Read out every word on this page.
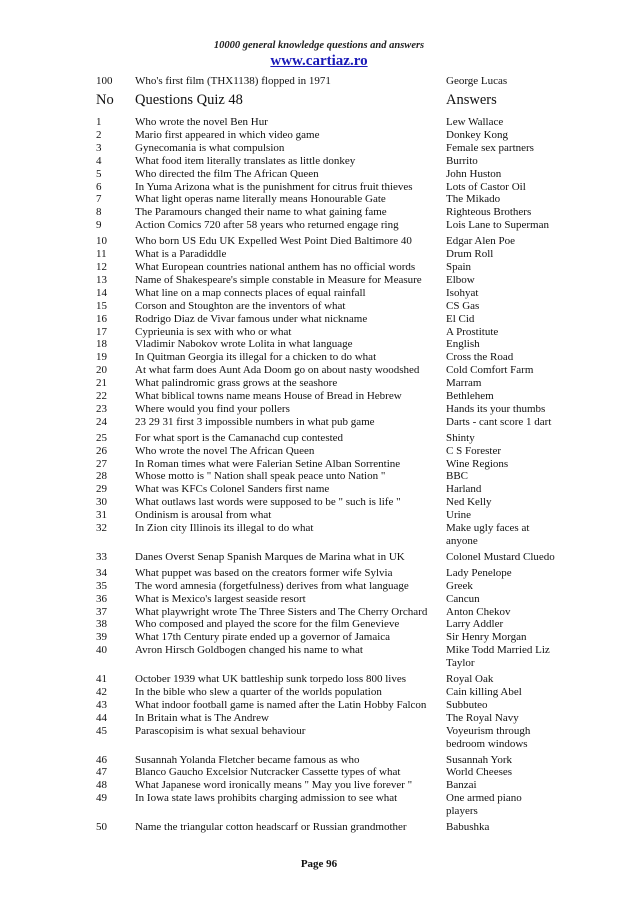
10000 general knowledge questions and answers
www.cartiaz.ro
100	Who's first film (THX1138) flopped in 1971	George Lucas
No	Questions Quiz 48	Answers
1	Who wrote the novel Ben Hur	Lew Wallace
2	Mario first appeared in which video game	Donkey Kong
3	Gynecomania is what compulsion	Female sex partners
4	What food item literally translates as little donkey	Burrito
5	Who directed the film The African Queen	John Huston
6	In Yuma Arizona what is the punishment for citrus fruit thieves	Lots of Castor Oil
7	What light operas name literally means Honourable Gate	The Mikado
8	The Paramours changed their name to what gaining fame	Righteous Brothers
9	Action Comics 720 after 58 years who returned engage ring	Lois Lane to Superman
10	Who born US Edu UK Expelled West Point Died Baltimore 40	Edgar Alen Poe
11	What is a Paradiddle	Drum Roll
12	What European countries national anthem has no official words	Spain
13	Name of Shakespeare's simple constable in Measure for Measure	Elbow
14	What line on a map connects places of equal rainfall	Isohyat
15	Corson and Stoughton are the inventors of what	CS Gas
16	Rodrigo Diaz de Vivar famous under what nickname	El Cid
17	Cyprieunia is sex with who or what	A Prostitute
18	Vladimir Nabokov wrote Lolita in what language	English
19	In Quitman Georgia its illegal for a chicken to do what	Cross the Road
20	At what farm does Aunt Ada Doom go on about nasty woodshed	Cold Comfort Farm
21	What palindromic grass grows at the seashore	Marram
22	What biblical towns name means House of Bread in Hebrew	Bethlehem
23	Where would you find your pollers	Hands its your thumbs
24	23 29 31 first 3 impossible numbers in what pub game	Darts - cant score 1 dart
25	For what sport is the Camanachd cup contested	Shinty
26	Who wrote the novel The African Queen	C S Forester
27	In Roman times what were Falerian Setine Alban Sorrentine	Wine Regions
28	Whose motto is " Nation shall speak peace unto Nation "	BBC
29	What was KFCs Colonel Sanders first name	Harland
30	What outlaws last words were supposed to be " such is life "	Ned Kelly
31	Ondinism is arousal from what	Urine
32	In Zion city Illinois its illegal to do what	Make ugly faces at anyone
33	Danes Overst Senap Spanish Marques de Marina what in UK	Colonel Mustard Cluedo
34	What puppet was based on the creators former wife Sylvia	Lady Penelope
35	The word amnesia (forgetfulness) derives from what language	Greek
36	What is Mexico's largest seaside resort	Cancun
37	What playwright wrote The Three Sisters and The Cherry Orchard	Anton Chekov
38	Who composed and played the score for the film Genevieve	Larry Addler
39	What 17th Century pirate ended up a governor of Jamaica	Sir Henry Morgan
40	Avron Hirsch Goldbogen changed his name to what	Mike Todd Married Liz Taylor
41	October 1939 what UK battleship sunk torpedo loss 800 lives	Royal Oak
42	In the bible who slew a quarter of the worlds population	Cain killing Abel
43	What indoor football game is named after the Latin Hobby Falcon	Subbuteo
44	In Britain what is The Andrew	The Royal Navy
45	Parascopisim is what sexual behaviour	Voyeurism through bedroom windows
46	Susannah Yolanda Fletcher became famous as who	Susannah York
47	Blanco Gaucho Excelsior Nutcracker Cassette types of what	World Cheeses
48	What Japanese word ironically means " May you live forever "	Banzai
49	In Iowa state laws prohibits charging admission to see what	One armed piano players
50	Name the triangular cotton headscarf or Russian grandmother	Babushka
Page 96
